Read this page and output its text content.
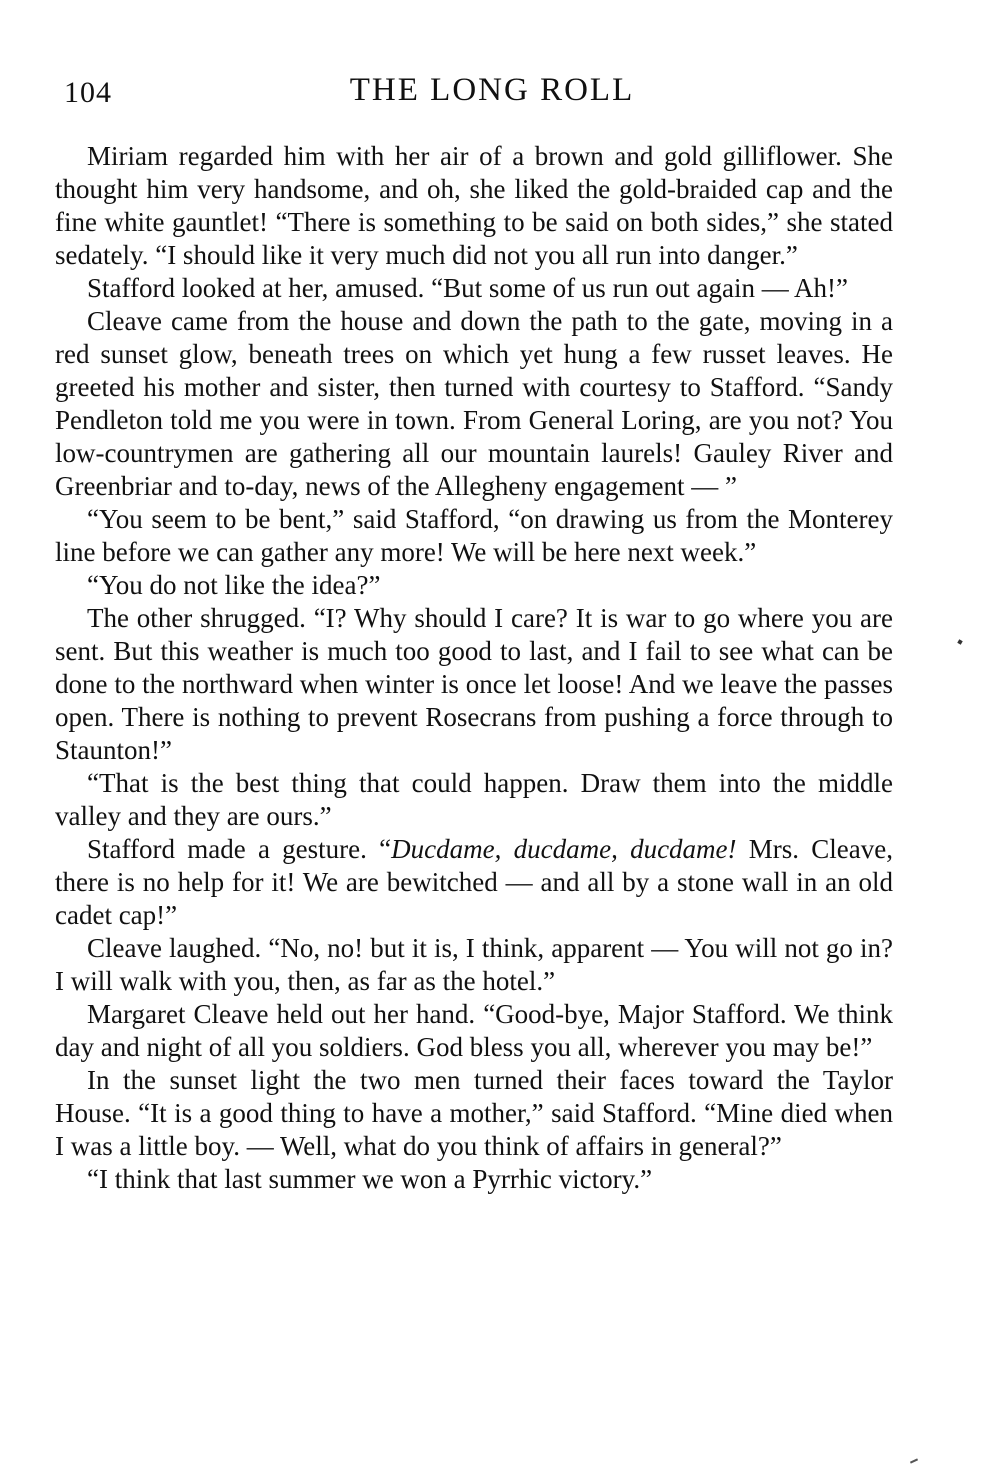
104	THE LONG ROLL

Miriam regarded him with her air of a brown and gold gilliflower. She thought him very handsome, and oh, she liked the gold-braided cap and the fine white gauntlet! “There is something to be said on both sides,” she stated sedately. “I should like it very much did not you all run into danger.”

Stafford looked at her, amused. “But some of us run out again — Ah!”

Cleave came from the house and down the path to the gate, moving in a red sunset glow, beneath trees on which yet hung a few russet leaves. He greeted his mother and sister, then turned with courtesy to Stafford. “Sandy Pendleton told me you were in town. From General Loring, are you not? You low-countrymen are gathering all our mountain laurels! Gauley River and Greenbriar and to-day, news of the Allegheny engagement — ”

“You seem to be bent,” said Stafford, “on drawing us from the Monterey line before we can gather any more! We will be here next week.”

“You do not like the idea?”

The other shrugged. “I? Why should I care? It is war to go where you are sent. But this weather is much too good to last, and I fail to see what can be done to the northward when winter is once let loose! And we leave the passes open. There is nothing to prevent Rosecrans from pushing a force through to Staunton!”

“That is the best thing that could happen. Draw them into the middle valley and they are ours.”

Stafford made a gesture. “Ducdame, ducdame, ducdame! Mrs. Cleave, there is no help for it! We are bewitched — and all by a stone wall in an old cadet cap!”

Cleave laughed. “No, no! but it is, I think, apparent — You will not go in? I will walk with you, then, as far as the hotel.”

Margaret Cleave held out her hand. “Good-bye, Major Stafford. We think day and night of all you soldiers. God bless you all, wherever you may be!”

In the sunset light the two men turned their faces toward the Taylor House. “It is a good thing to have a mother,” said Stafford. “Mine died when I was a little boy. — Well, what do you think of affairs in general?”

“I think that last summer we won a Pyrrhic victory.”
